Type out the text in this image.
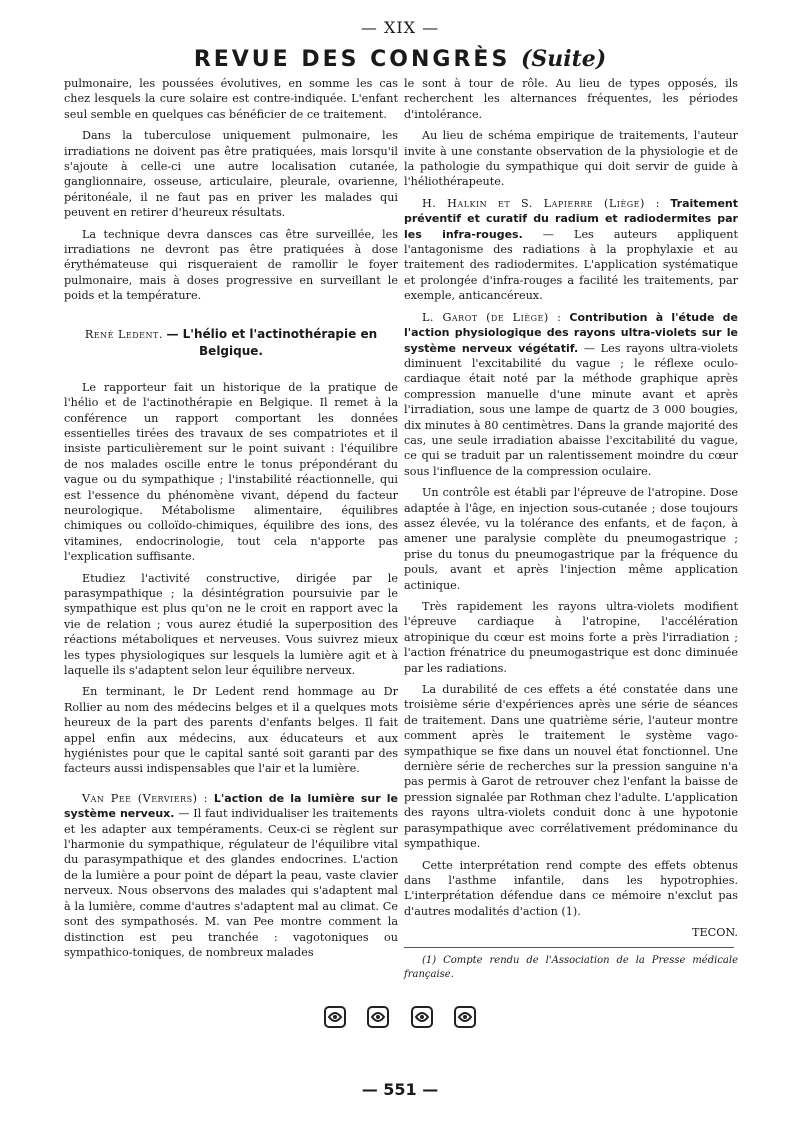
— XIX —
REVUE DES CONGRÈS (Suite)

pulmonaire, les poussées évolutives, en somme les cas chez lesquels la cure solaire est contre-indiquée. L'enfant seul semble en quelques cas bénéficier de ce traitement.

Dans la tuberculose uniquement pulmonaire, les irradiations ne doivent pas être pratiquées, mais lorsqu'il s'ajoute à celle-ci une autre localisation cutanée, ganglionnaire, osseuse, articulaire, pleurale, ovarienne, péritonéale, il ne faut pas en priver les malades qui peuvent en retirer d'heureux résultats.

La technique devra dansces cas être surveillée, les irradiations ne devront pas être pratiquées à dose érythémateuse qui risqueraient de ramollir le foyer pulmonaire, mais à doses progressive en surveillant le poids et la température.

René Ledent. — L'hélio et l'actinothérapie en Belgique.

Le rapporteur fait un historique de la pratique de l'hélio et de l'actinothérapie en Belgique. Il remet à la conférence un rapport comportant les données essentielles tirées des travaux de ses compatriotes et il insiste particulièrement sur le point suivant : l'équilibre de nos malades oscille entre le tonus prépondérant du vague ou du sympathique ; l'instabilité réactionnelle, qui est l'essence du phénomène vivant, dépend du facteur neurologique. Métabolisme alimentaire, équilibres chimiques ou colloïdo-chimiques, équilibre des ions, des vitamines, endocrinologie, tout cela n'apporte pas l'explication suffisante.

Etudiez l'activité constructive, dirigée par le parasympathique ; la désintégration poursuivie par le sympathique est plus qu'on ne le croit en rapport avec la vie de relation ; vous aurez étudié la superposition des réactions métaboliques et nerveuses. Vous suivrez mieux les types physiologiques sur lesquels la lumière agit et à laquelle ils s'adaptent selon leur équilibre nerveux.

En terminant, le Dr Ledent rend hommage au Dr Rollier au nom des médecins belges et il a quelques mots heureux de la part des parents d'enfants belges. Il fait appel enfin aux médecins, aux éducateurs et aux hygiénistes pour que le capital santé soit garanti par des facteurs aussi indispensables que l'air et la lumière.

Van Pee (Verviers) : L'action de la lumière sur le système nerveux. — Il faut individualiser les traitements et les adapter aux tempéraments. Ceux-ci se règlent sur l'harmonie du sympathique, régulateur de l'équilibre vital du parasympathique et des glandes endocrines. L'action de la lumière a pour point de départ la peau, vaste clavier nerveux. Nous observons des malades qui s'adaptent mal à la lumière, comme d'autres s'adaptent mal au climat. Ce sont des sympathosés. M. van Pee montre comment la distinction est peu tranchée : vagotoniques ou sympathico-toniques, de nombreux malades

le sont à tour de rôle. Au lieu de types opposés, ils recherchent les alternances fréquentes, les périodes d'intolérance.

Au lieu de schéma empirique de traitements, l'auteur invite à une constante observation de la physiologie et de la pathologie du sympathique qui doit servir de guide à l'héliothérapeute.

H. Halkin et S. Lapierre (Liège) : Traitement préventif et curatif du radium et radiodermites par les infra-rouges. — Les auteurs appliquent l'antagonisme des radiations à la prophylaxie et au traitement des radiodermites. L'application systématique et prolongée d'infra-rouges a facilité les traitements, par exemple, anticancéreux.

L. Garot (de Liège) : Contribution à l'étude de l'action physiologique des rayons ultra-violets sur le système nerveux végétatif. — Les rayons ultra-violets diminuent l'excitabilité du vague ; le réflexe oculo-cardiaque était noté par la méthode graphique après compression manuelle d'une minute avant et après l'irradiation, sous une lampe de quartz de 3 000 bougies, dix minutes à 80 centimètres. Dans la grande majorité des cas, une seule irradiation abaisse l'excitabilité du vague, ce qui se traduit par un ralentissement moindre du cœur sous l'influence de la compression oculaire.

Un contrôle est établi par l'épreuve de l'atropine. Dose adaptée à l'âge, en injection sous-cutanée ; dose toujours assez élevée, vu la tolérance des enfants, et de façon, à amener une paralysie complète du pneumogastrique ; prise du tonus du pneumogastrique par la fréquence du pouls, avant et après l'injection même application actinique.

Très rapidement les rayons ultra-violets modifient l'épreuve cardiaque à l'atropine, l'accélération atropinique du cœur est moins forte a près l'irradiation ; l'action frénatrice du pneumogastrique est donc diminuée par les radiations.

La durabilité de ces effets a été constatée dans une troisième série d'expériences après une série de séances de traitement. Dans une quatrième série, l'auteur montre comment après le traitement le système vago-sympathique se fixe dans un nouvel état fonctionnel. Une dernière série de recherches sur la pression sanguine n'a pas permis à Garot de retrouver chez l'enfant la baisse de pression signalée par Rothman chez l'adulte. L'application des rayons ultra-violets conduit donc à une hypotonie parasympathique avec corrélativement prédominance du sympathique.

Cette interprétation rend compte des effets obtenus dans l'asthme infantile, dans les hypotrophies. L'interprétation défendue dans ce mémoire n'exclut pas d'autres modalités d'action (1).

TECON.

(1) Compte rendu de l'Association de la Presse médicale française.

— 551 —
